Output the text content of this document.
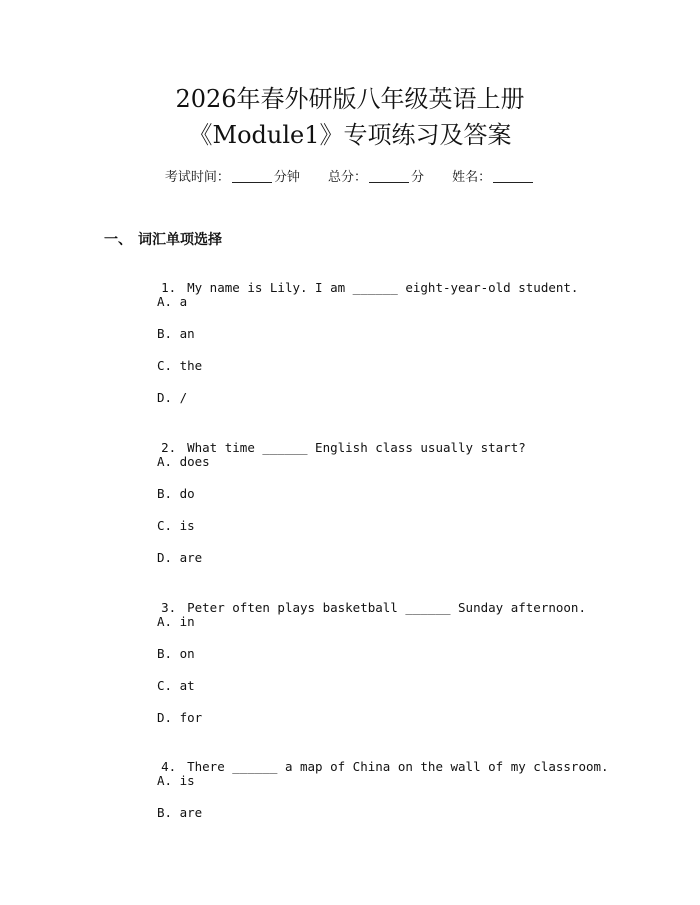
2026年春外研版八年级英语上册
《Module1》专项练习及答案
考试时间：	分钟 总分：	分 姓名：
一、 词汇单项选择

1. My name is Lily. I am ______ eight-year-old student.

A. a
B. an
C. the
D. /

2. What time ______ English class usually start?

A. does
B. do
C. is
D. are

3. Peter often plays basketball ______ Sunday afternoon.

A. in
B. on
C. at
D. for

4. There ______ a map of China on the wall of my classroom.

A. is
B. are
